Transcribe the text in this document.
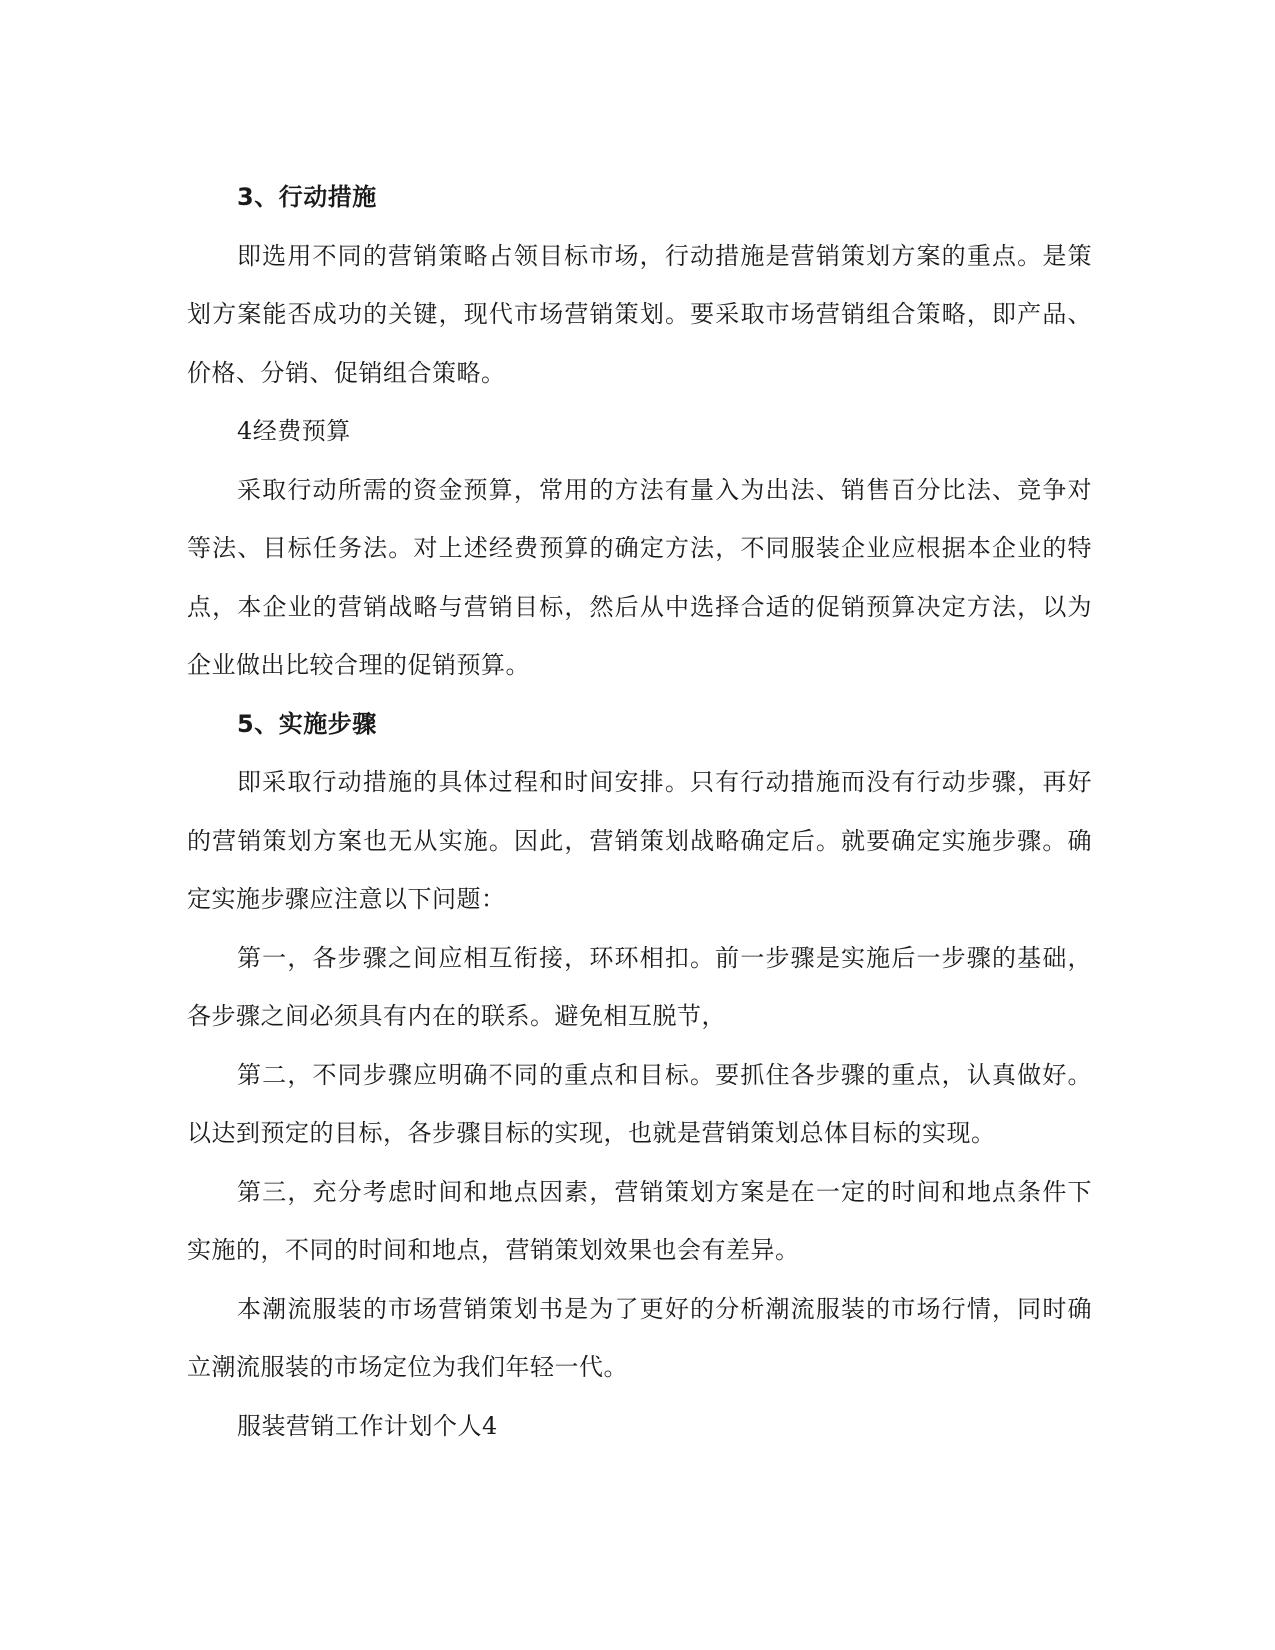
3、行动措施

即选用不同的营销策略占领目标市场，行动措施是营销策划方案的重点。是策划方案能否成功的关键，现代市场营销策划。要采取市场营销组合策略，即产品、价格、分销、促销组合策略。

4经费预算

采取行动所需的资金预算，常用的方法有量入为出法、销售百分比法、竞争对等法、目标任务法。对上述经费预算的确定方法，不同服装企业应根据本企业的特点，本企业的营销战略与营销目标，然后从中选择合适的促销预算决定方法，以为企业做出比较合理的促销预算。

5、实施步骤

即采取行动措施的具体过程和时间安排。只有行动措施而没有行动步骤，再好的营销策划方案也无从实施。因此，营销策划战略确定后。就要确定实施步骤。确定实施步骤应注意以下问题：

第一，各步骤之间应相互衔接，环环相扣。前一步骤是实施后一步骤的基础，各步骤之间必须具有内在的联系。避免相互脱节，

第二，不同步骤应明确不同的重点和目标。要抓住各步骤的重点，认真做好。以达到预定的目标，各步骤目标的实现，也就是营销策划总体目标的实现。

第三，充分考虑时间和地点因素，营销策划方案是在一定的时间和地点条件下实施的，不同的时间和地点，营销策划效果也会有差异。

本潮流服装的市场营销策划书是为了更好的分析潮流服装的市场行情，同时确立潮流服装的市场定位为我们年轻一代。

服装营销工作计划个人4
